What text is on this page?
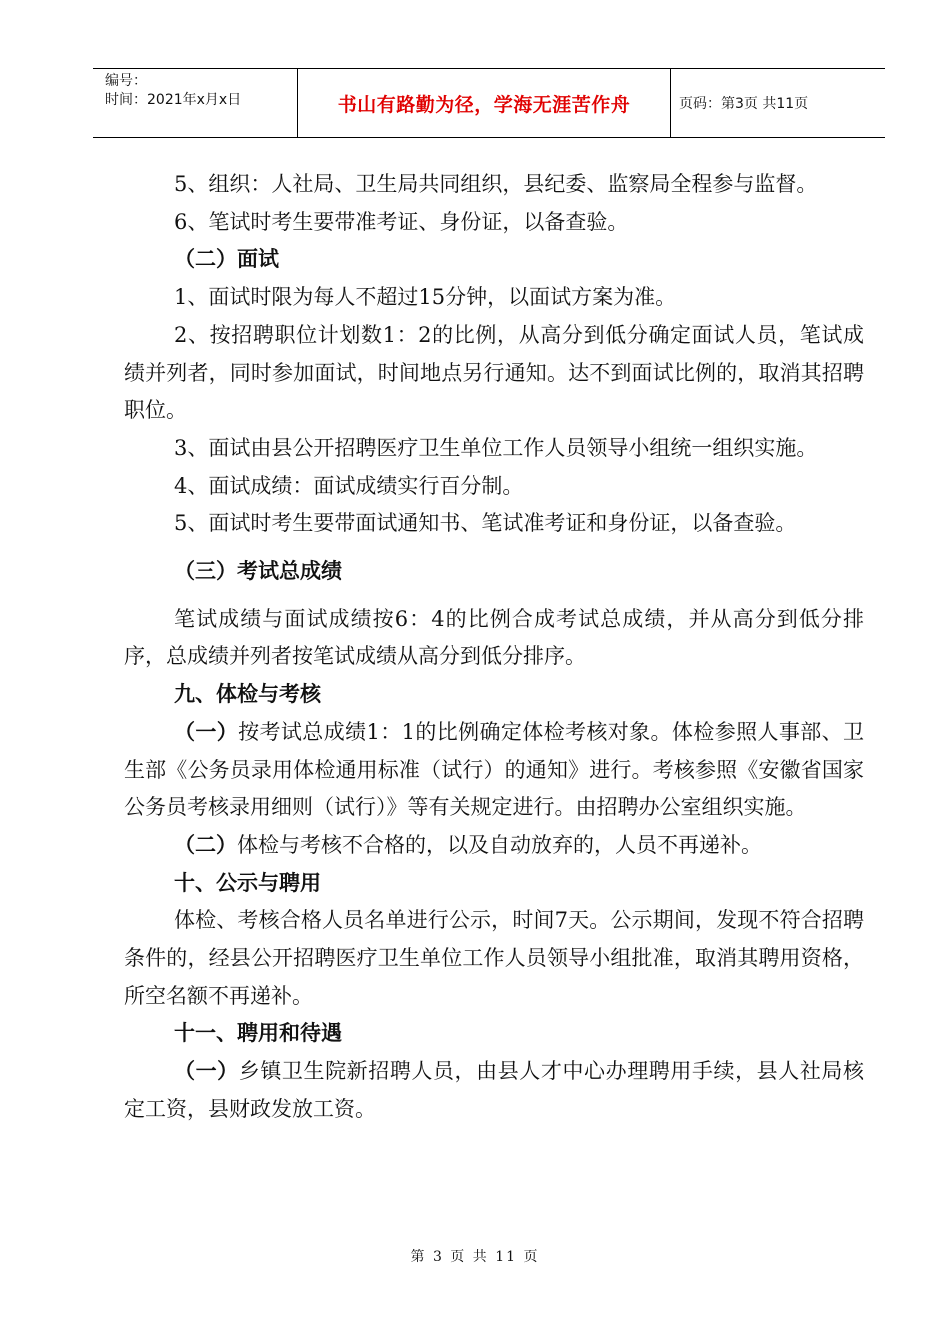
编号：
时间：2021年x月x日	书山有路勤为径，学海无涯苦作舟	页码：第3页 共11页

5、组织：人社局、卫生局共同组织，县纪委、监察局全程参与监督。

6、笔试时考生要带准考证、身份证，以备查验。

（二）面试

1、面试时限为每人不超过15分钟，以面试方案为准。

2、按招聘职位计划数1：2的比例，从高分到低分确定面试人员，笔试成绩并列者，同时参加面试，时间地点另行通知。达不到面试比例的，取消其招聘职位。

3、面试由县公开招聘医疗卫生单位工作人员领导小组统一组织实施。

4、面试成绩：面试成绩实行百分制。

5、面试时考生要带面试通知书、笔试准考证和身份证，以备查验。

（三）考试总成绩

笔试成绩与面试成绩按6：4的比例合成考试总成绩，并从高分到低分排序，总成绩并列者按笔试成绩从高分到低分排序。

九、体检与考核

（一）按考试总成绩1：1的比例确定体检考核对象。体检参照人事部、卫生部《公务员录用体检通用标准（试行）的通知》进行。考核参照《安徽省国家公务员考核录用细则（试行）》等有关规定进行。由招聘办公室组织实施。

（二）体检与考核不合格的，以及自动放弃的，人员不再递补。

十、公示与聘用

体检、考核合格人员名单进行公示，时间7天。公示期间，发现不符合招聘条件的，经县公开招聘医疗卫生单位工作人员领导小组批准，取消其聘用资格，所空名额不再递补。

十一、聘用和待遇

（一）乡镇卫生院新招聘人员，由县人才中心办理聘用手续，县人社局核定工资，县财政发放工资。

第 3 页 共 11 页
